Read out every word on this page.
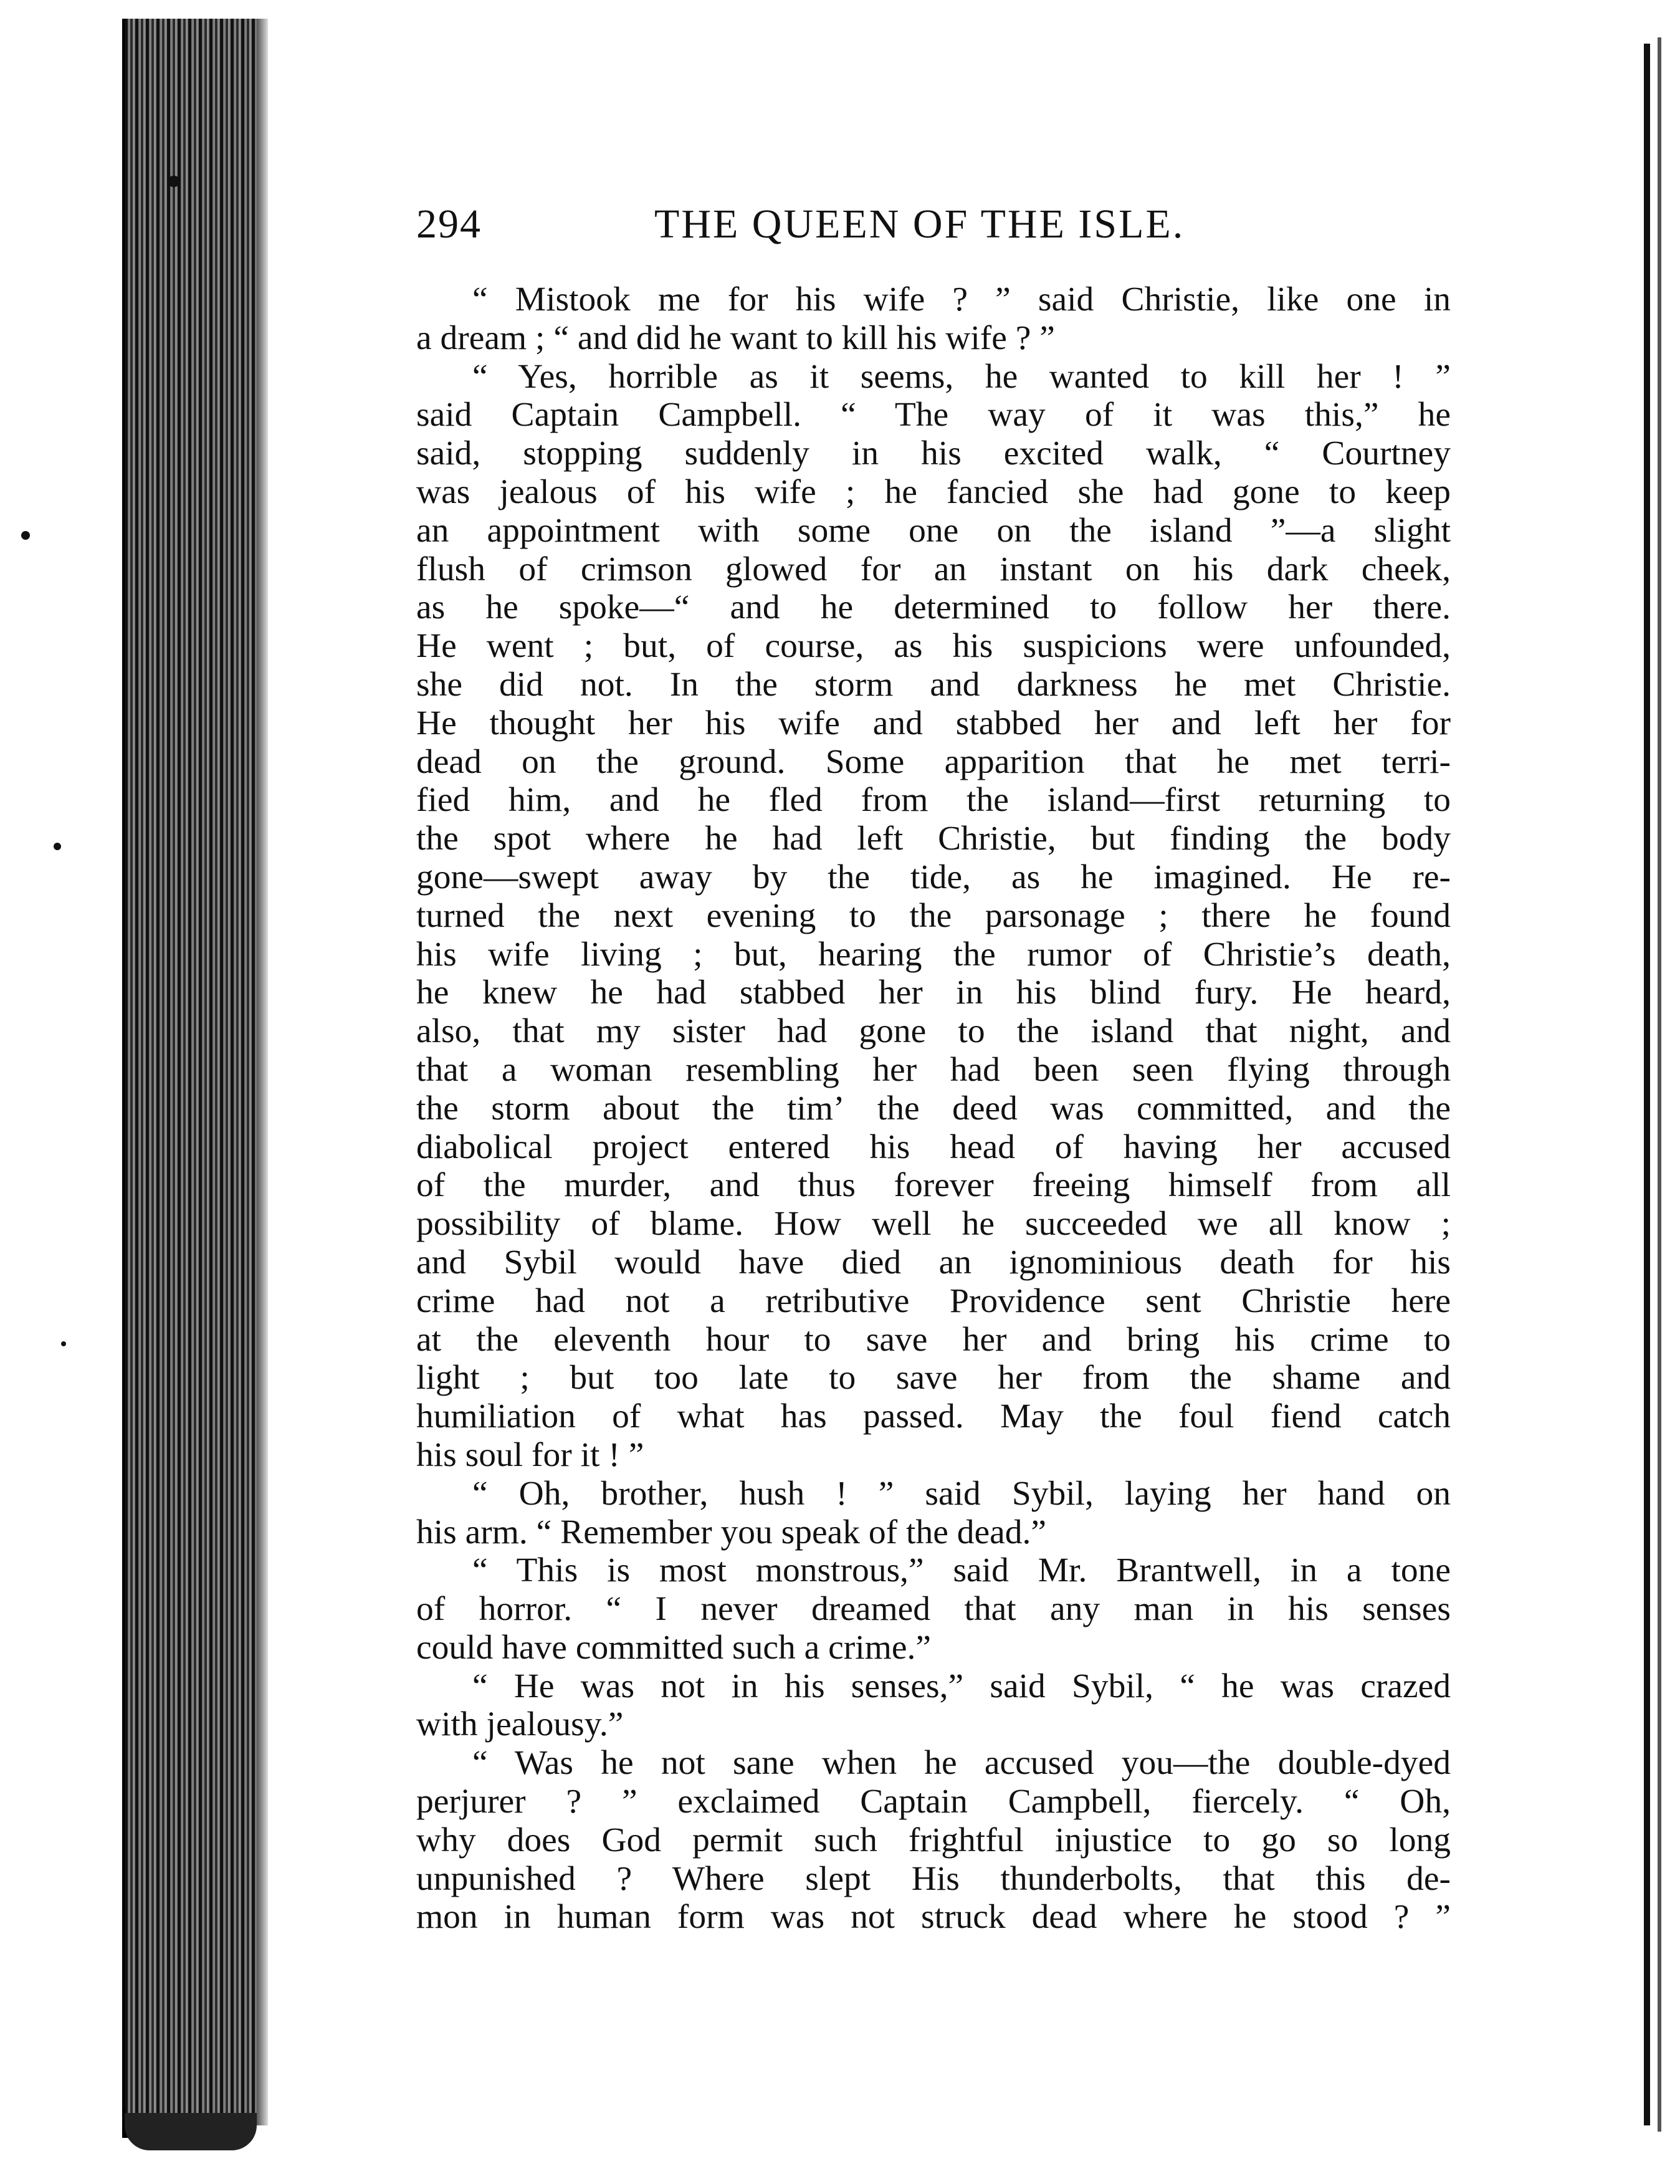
294	THE QUEEN OF THE ISLE.
“ Mistook me for his wife ? ” said Christie, like one in
a dream ; “ and did he want to kill his wife ? ”
“ Yes, horrible as it seems, he wanted to kill her ! ”
said Captain Campbell. “ The way of it was this,” he
said, stopping suddenly in his excited walk, “ Courtney
was jealous of his wife ; he fancied she had gone to keep
an appointment with some one on the island ”—a slight
flush of crimson glowed for an instant on his dark cheek,
as he spoke—“ and he determined to follow her there.
He went ; but, of course, as his suspicions were unfounded,
she did not. In the storm and darkness he met Christie.
He thought her his wife and stabbed her and left her for
dead on the ground. Some apparition that he met terri-
fied him, and he fled from the island—first returning to
the spot where he had left Christie, but finding the body
gone—swept away by the tide, as he imagined. He re-
turned the next evening to the parsonage ; there he found
his wife living ; but, hearing the rumor of Christie’s death,
he knew he had stabbed her in his blind fury. He heard,
also, that my sister had gone to the island that night, and
that a woman resembling her had been seen flying through
the storm about the timʼ the deed was committed, and the
diabolical project entered his head of having her accused
of the murder, and thus forever freeing himself from all
possibility of blame. How well he succeeded we all know ;
and Sybil would have died an ignominious death for his
crime had not a retributive Providence sent Christie here
at the eleventh hour to save her and bring his crime to
light ; but too late to save her from the shame and
humiliation of what has passed. May the foul fiend catch
his soul for it ! ”
“ Oh, brother, hush ! ” said Sybil, laying her hand on
his arm. “ Remember you speak of the dead.”
“ This is most monstrous,” said Mr. Brantwell, in a tone
of horror. “ I never dreamed that any man in his senses
could have committed such a crime.”
“ He was not in his senses,” said Sybil, “ he was crazed
with jealousy.”
“ Was he not sane when he accused you—the double-dyed
perjurer ? ” exclaimed Captain Campbell, fiercely. “ Oh,
why does God permit such frightful injustice to go so long
unpunished ? Where slept His thunderbolts, that this de-
mon in human form was not struck dead where he stood ? ”
